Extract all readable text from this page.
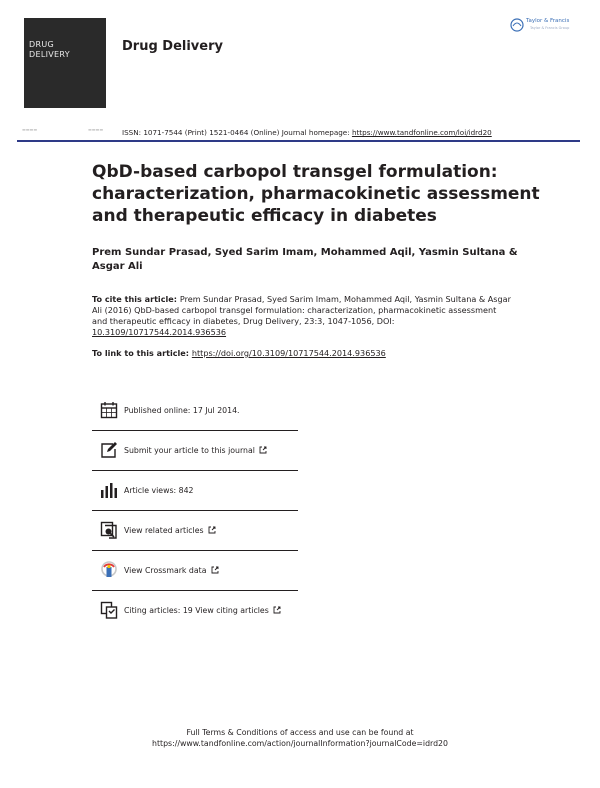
DRUG
DELIVERY
Drug Delivery
Taylor & Francis
Taylor & Francis Group
▬▬▬▬	▬▬▬▬	ISSN: 1071-7544 (Print) 1521-0464 (Online) Journal homepage: https://www.tandfonline.com/loi/idrd20
QbD-based carbopol transgel formulation: characterization, pharmacokinetic assessment and therapeutic efficacy in diabetes
Prem Sundar Prasad, Syed Sarim Imam, Mohammed Aqil, Yasmin Sultana & Asgar Ali
To cite this article: Prem Sundar Prasad, Syed Sarim Imam, Mohammed Aqil, Yasmin Sultana & Asgar Ali (2016) QbD-based carbopol transgel formulation: characterization, pharmacokinetic assessment and therapeutic efficacy in diabetes, Drug Delivery, 23:3, 1047-1056, DOI: 10.3109/10717544.2014.936536
To link to this article: https://doi.org/10.3109/10717544.2014.936536
Published online: 17 Jul 2014.
Submit your article to this journal
Article views: 842
View related articles
View Crossmark data
Citing articles: 19 View citing articles
Full Terms & Conditions of access and use can be found at
https://www.tandfonline.com/action/journalInformation?journalCode=idrd20
